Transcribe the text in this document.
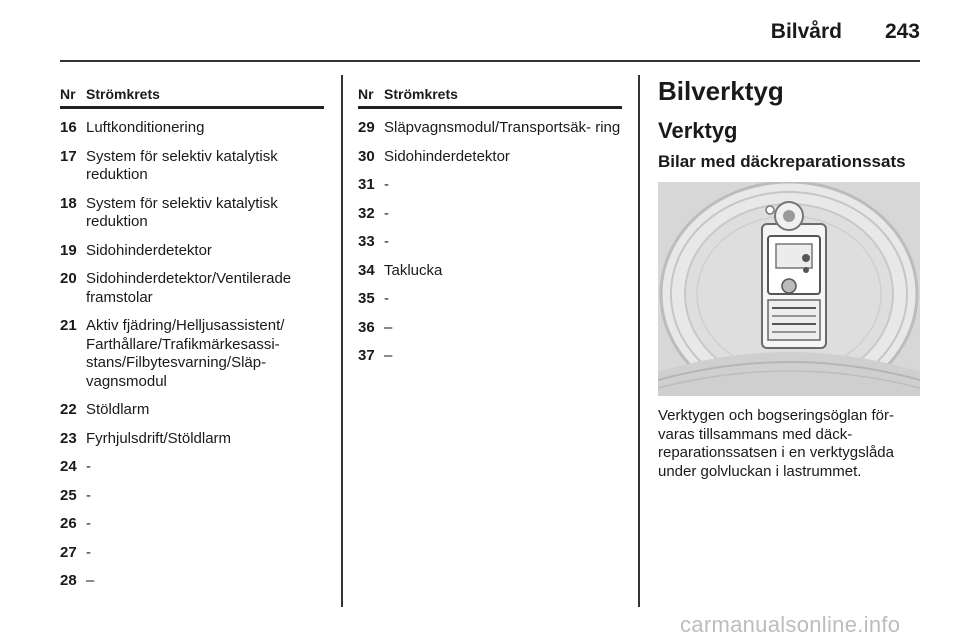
Bilvård 243
Nr Strömkrets
16 Luftkonditionering
17 System för selektiv katalytisk reduktion
18 System för selektiv katalytisk reduktion
19 Sidohinderdetektor
20 Sidohinderdetektor/Ventilerade framstolar
21 Aktiv fjädring/Helljusassistent/ Farthållare/Trafikmärkesassi- stans/Filbytesvarning/Släp- vagnsmodul
22 Stöldlarm
23 Fyrhjulsdrift/Stöldlarm
24 -
25 -
26 -
27 -
28 –
Nr Strömkrets
29 Släpvagnsmodul/Transportsäk- ring
30 Sidohinderdetektor
31 -
32 -
33 -
34 Taklucka
35 -
36 –
37 –
Bilverktyg
Verktyg
Bilar med däckreparationssats
Verktygen och bogseringsöglan för- varas tillsammans med däck- reparationssatsen i en verktygslåda under golvluckan i lastrummet.
carmanualsonline.info
